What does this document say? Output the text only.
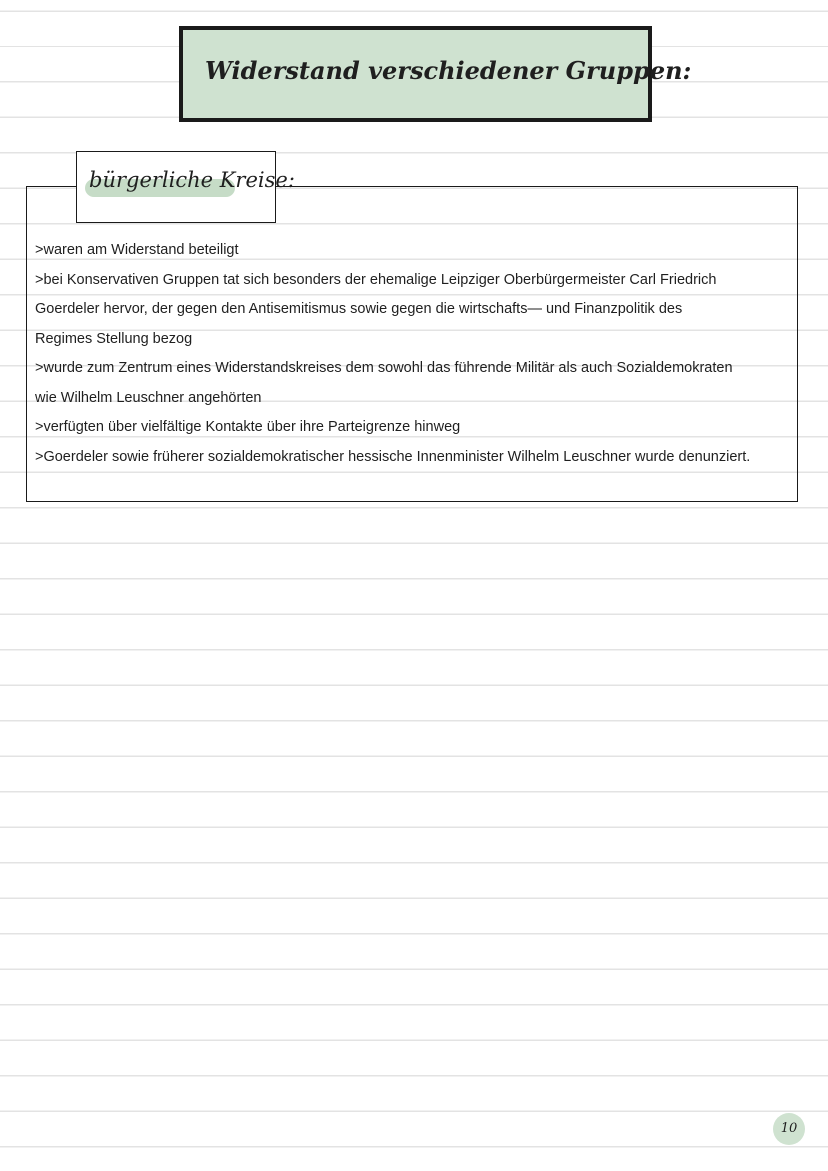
Widerstand verschiedener Gruppen:
bürgerliche Kreise:
>waren am Widerstand beteiligt
>bei Konservativen Gruppen tat sich besonders der ehemalige Leipziger Oberbürgermeister Carl Friedrich
Goerdeler hervor, der gegen den Antisemitismus sowie gegen die wirtschafts— und Finanzpolitik des
Regimes Stellung bezog
>wurde zum Zentrum eines Widerstandskreises dem sowohl das führende Militär als auch Sozialdemokraten
wie Wilhelm Leuschner angehörten
>verfügten über vielfältige Kontakte über ihre Parteigrenze hinweg
>Goerdeler sowie früherer sozialdemokratischer hessische Innenminister Wilhelm Leuschner wurde denunziert.
10
